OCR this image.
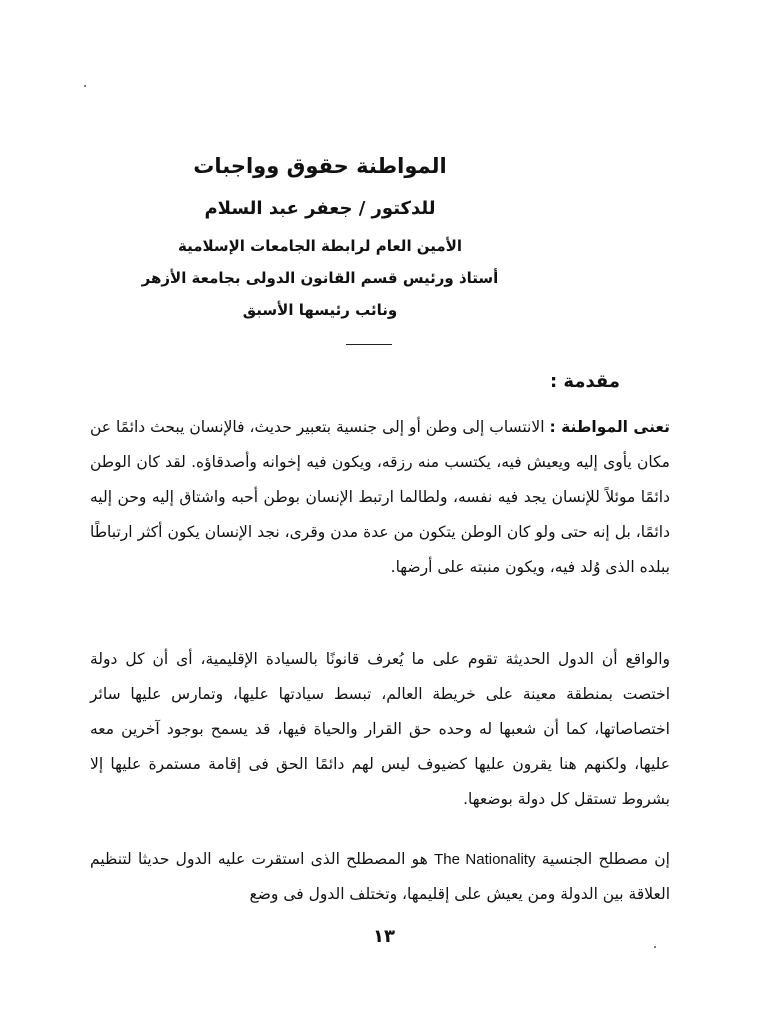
المواطنة حقوق وواجبات
للدكتور / جعفر عبد السلام
الأمين العام لرابطة الجامعات الإسلامية
أستاذ ورئيس قسم القانون الدولى بجامعة الأزهر
ونائب رئيسها الأسبق
مقدمة :

تعنى المواطنة : الانتساب إلى وطن أو إلى جنسية بتعبير حديث، فالإنسان يبحث دائمًا عن مكان يأوى إليه ويعيش فيه، يكتسب منه رزقه، ويكون فيه إخوانه وأصدقاؤه. لقد كان الوطن دائمًا موئلاً للإنسان يجد فيه نفسه، ولطالما ارتبط الإنسان بوطن أحبه واشتاق إليه وحن إليه دائمًا، بل إنه حتى ولو كان الوطن يتكون من عدة مدن وقرى، نجد الإنسان يكون أكثر ارتباطًا ببلده الذى وُلد فيه، ويكون منبته على أرضها.

والواقع أن الدول الحديثة تقوم على ما يُعرف قانونًا بالسيادة الإقليمية، أى أن كل دولة اختصت بمنطقة معينة على خريطة العالم، تبسط سيادتها عليها، وتمارس عليها سائر اختصاصاتها، كما أن شعبها له وحده حق القرار والحياة فيها، قد يسمح بوجود آخرين معه عليها، ولكنهم هنا يقرون عليها كضيوف ليس لهم دائمًا الحق فى إقامة مستمرة عليها إلا بشروط تستقل كل دولة بوضعها.

إن مصطلح الجنسية The Nationality هو المصطلح الذى استقرت عليه الدول حديثا لتنظيم العلاقة بين الدولة ومن يعيش على إقليمها، وتختلف الدول فى وضع

١٣
